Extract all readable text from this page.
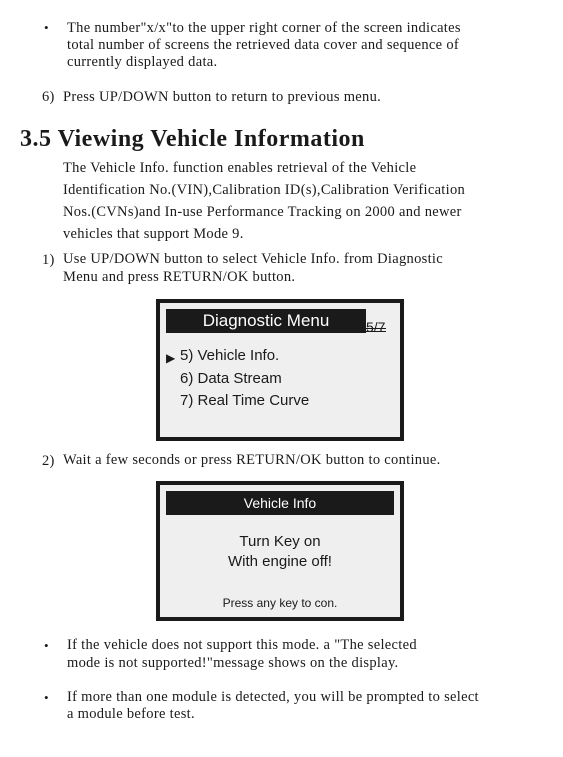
• The number"x/x"to the upper right corner of the screen indicates
total number of screens the retrieved data cover and sequence of
currently displayed data.
6) Press UP/DOWN button to return to previous menu.
3.5 Viewing Vehicle Information
The Vehicle Info. function enables retrieval of the Vehicle
Identification No.(VIN),Calibration ID(s),Calibration Verification
Nos.(CVNs)and In-use Performance Tracking on 2000 and newer
vehicles that support Mode 9.
1) Use UP/DOWN button to select Vehicle Info. from Diagnostic
Menu and press RETURN/OK button.
Diagnostic Menu	5/7
▶ 5) Vehicle Info.
6) Data Stream
7) Real Time Curve
2) Wait a few seconds or press RETURN/OK button to continue.
Vehicle Info
Turn Key on
With engine off!
Press any key to con.
• If the vehicle does not support this mode. a "The selected
mode is not supported!"message shows on the display.
• If more than one module is detected, you will be prompted to select
a module before test.
